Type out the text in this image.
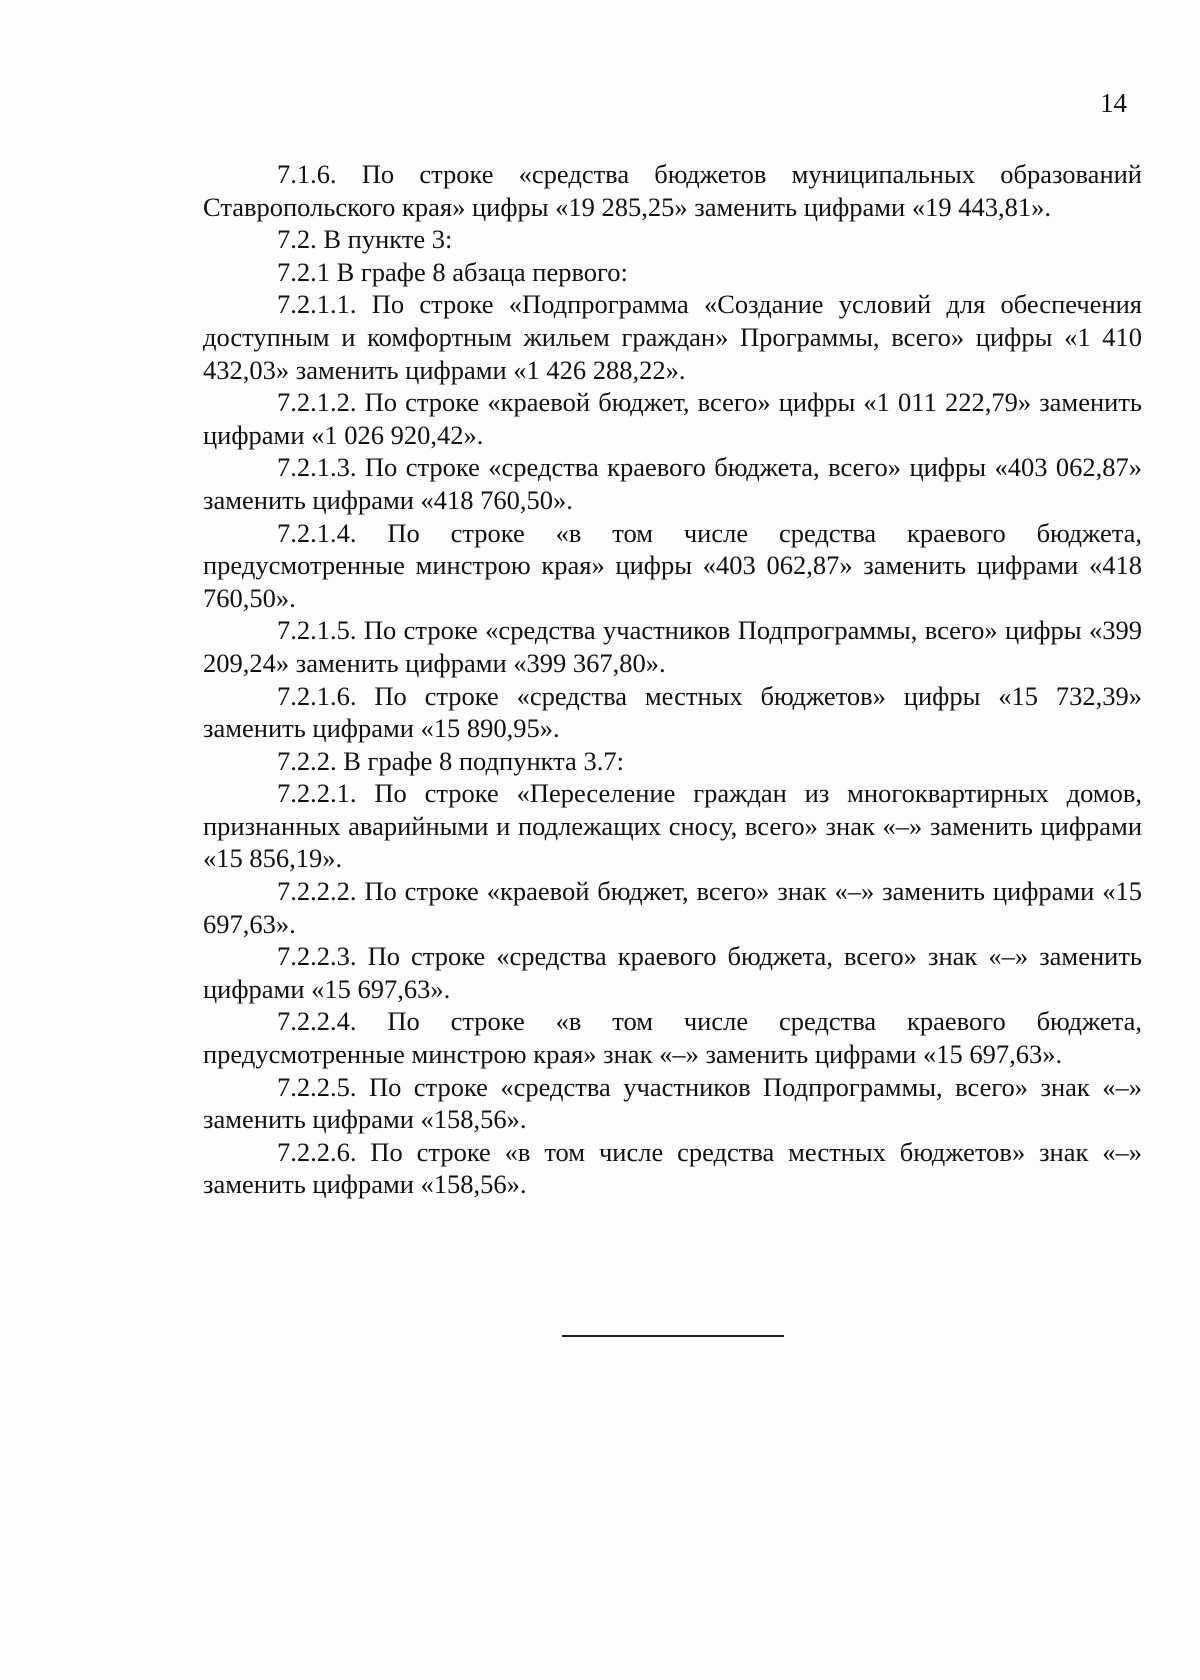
14

7.1.6. По строке «средства бюджетов муниципальных образований Ставропольского края» цифры «19 285,25» заменить цифрами «19 443,81».

7.2. В пункте 3:

7.2.1 В графе 8 абзаца первого:

7.2.1.1. По строке «Подпрограмма «Создание условий для обеспечения доступным и комфортным жильем граждан» Программы, всего» цифры «1 410 432,03» заменить цифрами «1 426 288,22».

7.2.1.2. По строке «краевой бюджет, всего» цифры «1 011 222,79» заменить цифрами «1 026 920,42».

7.2.1.3. По строке «средства краевого бюджета, всего» цифры «403 062,87» заменить цифрами «418 760,50».

7.2.1.4. По строке «в том числе средства краевого бюджета, предусмотренные минстрою края» цифры «403 062,87» заменить цифрами «418 760,50».

7.2.1.5. По строке «средства участников Подпрограммы, всего» цифры «399 209,24» заменить цифрами «399 367,80».

7.2.1.6. По строке «средства местных бюджетов» цифры «15 732,39» заменить цифрами «15 890,95».

7.2.2. В графе 8 подпункта 3.7:

7.2.2.1. По строке «Переселение граждан из многоквартирных домов, признанных аварийными и подлежащих сносу, всего» знак «–» заменить цифрами «15 856,19».

7.2.2.2. По строке «краевой бюджет, всего» знак «–» заменить цифрами «15 697,63».

7.2.2.3. По строке «средства краевого бюджета, всего» знак «–» заменить цифрами «15 697,63».

7.2.2.4. По строке «в том числе средства краевого бюджета, предусмотренные минстрою края» знак «–» заменить цифрами «15 697,63».

7.2.2.5. По строке «средства участников Подпрограммы, всего» знак «–» заменить цифрами «158,56».

7.2.2.6. По строке «в том числе средства местных бюджетов» знак «–» заменить цифрами «158,56».
